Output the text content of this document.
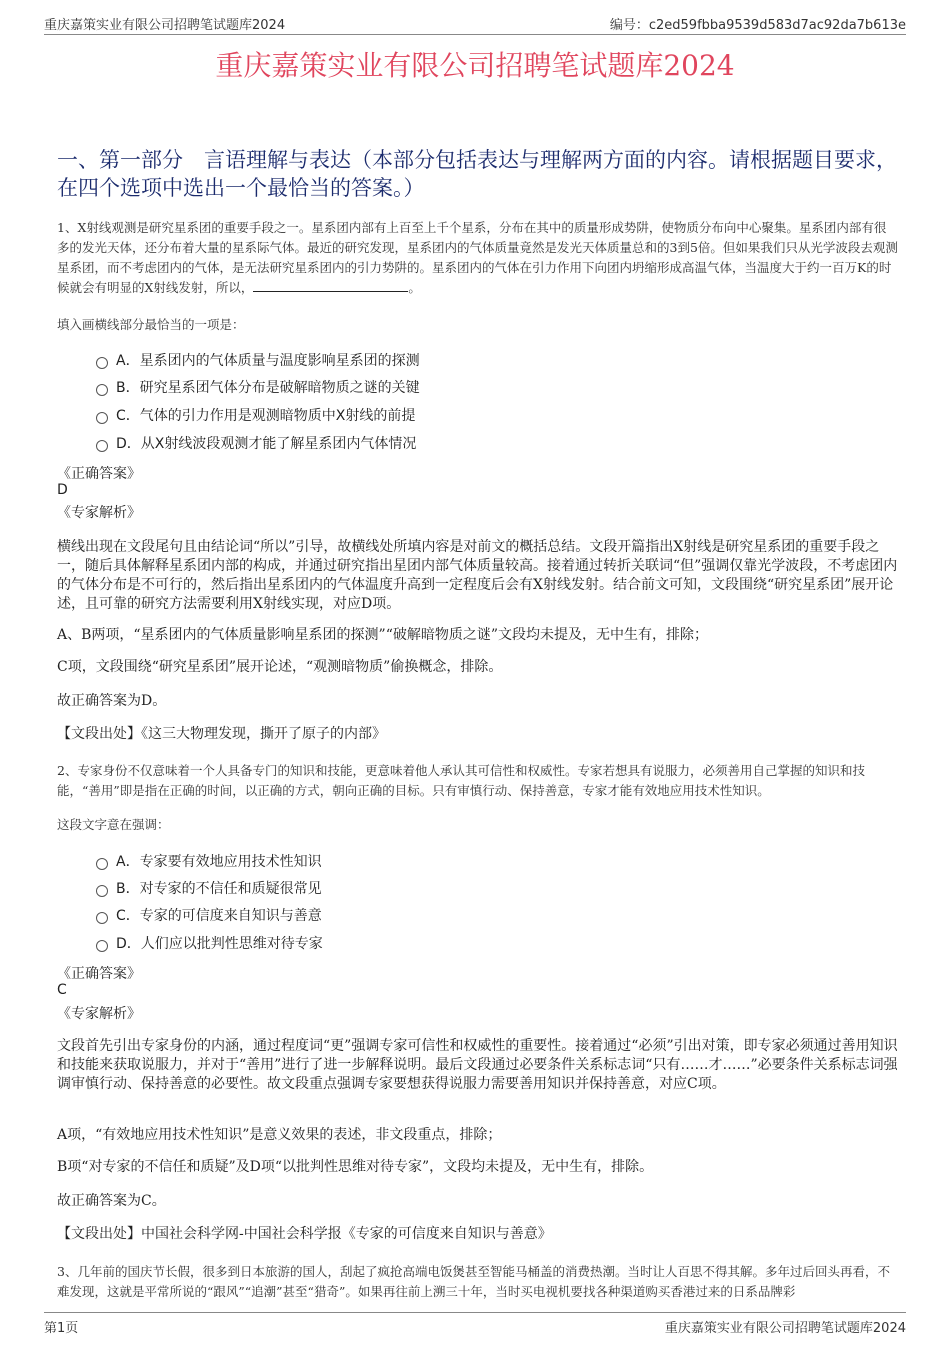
重庆嘉策实业有限公司招聘笔试题库2024	编号：c2ed59fbba9539d583d7ac92da7b613e
重庆嘉策实业有限公司招聘笔试题库2024
一、第一部分　言语理解与表达（本部分包括表达与理解两方面的内容。请根据题目要求，在四个选项中选出一个最恰当的答案。）
1、X射线观测是研究星系团的重要手段之一。星系团内部有上百至上千个星系，分布在其中的质量形成势阱，使物质分布向中心聚集。星系团内部有很多的发光天体，还分布着大量的星系际气体。最近的研究发现，星系团内的气体质量竟然是发光天体质量总和的3到5倍。但如果我们只从光学波段去观测星系团，而不考虑团内的气体，是无法研究星系团内的引力势阱的。星系团内的气体在引力作用下向团内坍缩形成高温气体，当温度大于约一百万K的时候就会有明显的X射线发射，所以，	。
填入画横线部分最恰当的一项是：
A．星系团内的气体质量与温度影响星系团的探测
B．研究星系团气体分布是破解暗物质之谜的关键
C．气体的引力作用是观测暗物质中X射线的前提
D．从X射线波段观测才能了解星系团内气体情况
《正确答案》
D
《专家解析》
横线出现在文段尾句且由结论词“所以”引导，故横线处所填内容是对前文的概括总结。文段开篇指出X射线是研究星系团的重要手段之一，随后具体解释星系团内部的构成，并通过研究指出星团内部气体质量较高。接着通过转折关联词“但”强调仅靠光学波段，不考虑团内的气体分布是不可行的，然后指出星系团内的气体温度升高到一定程度后会有X射线发射。结合前文可知，文段围绕“研究星系团”展开论述，且可靠的研究方法需要利用X射线实现，对应D项。
A、B两项，“星系团内的气体质量影响星系团的探测”“破解暗物质之谜”文段均未提及，无中生有，排除；
C项，文段围绕“研究星系团”展开论述，“观测暗物质”偷换概念，排除。
故正确答案为D。
【文段出处】《这三大物理发现，撕开了原子的内部》
2、专家身份不仅意味着一个人具备专门的知识和技能，更意味着他人承认其可信性和权威性。专家若想具有说服力，必须善用自己掌握的知识和技能，“善用”即是指在正确的时间，以正确的方式，朝向正确的目标。只有审慎行动、保持善意，专家才能有效地应用技术性知识。
这段文字意在强调：
A．专家要有效地应用技术性知识
B．对专家的不信任和质疑很常见
C．专家的可信度来自知识与善意
D．人们应以批判性思维对待专家
《正确答案》
C
《专家解析》
文段首先引出专家身份的内涵，通过程度词“更”强调专家可信性和权威性的重要性。接着通过“必须”引出对策，即专家必须通过善用知识和技能来获取说服力，并对于“善用”进行了进一步解释说明。最后文段通过必要条件关系标志词“只有……才……”必要条件关系标志词强调审慎行动、保持善意的必要性。故文段重点强调专家要想获得说服力需要善用知识并保持善意，对应C项。
A项，“有效地应用技术性知识”是意义效果的表述，非文段重点，排除；
B项“对专家的不信任和质疑”及D项“以批判性思维对待专家”，文段均未提及，无中生有，排除。
故正确答案为C。
【文段出处】中国社会科学网-中国社会科学报《专家的可信度来自知识与善意》
3、几年前的国庆节长假，很多到日本旅游的国人，刮起了疯抢高端电饭煲甚至智能马桶盖的消费热潮。当时让人百思不得其解。多年过后回头再看，不难发现，这就是平常所说的“跟风”“追潮”甚至“猎奇”。如果再往前上溯三十年，当时买电视机要找各种渠道购买香港过来的日系品牌彩
第1页	重庆嘉策实业有限公司招聘笔试题库2024
